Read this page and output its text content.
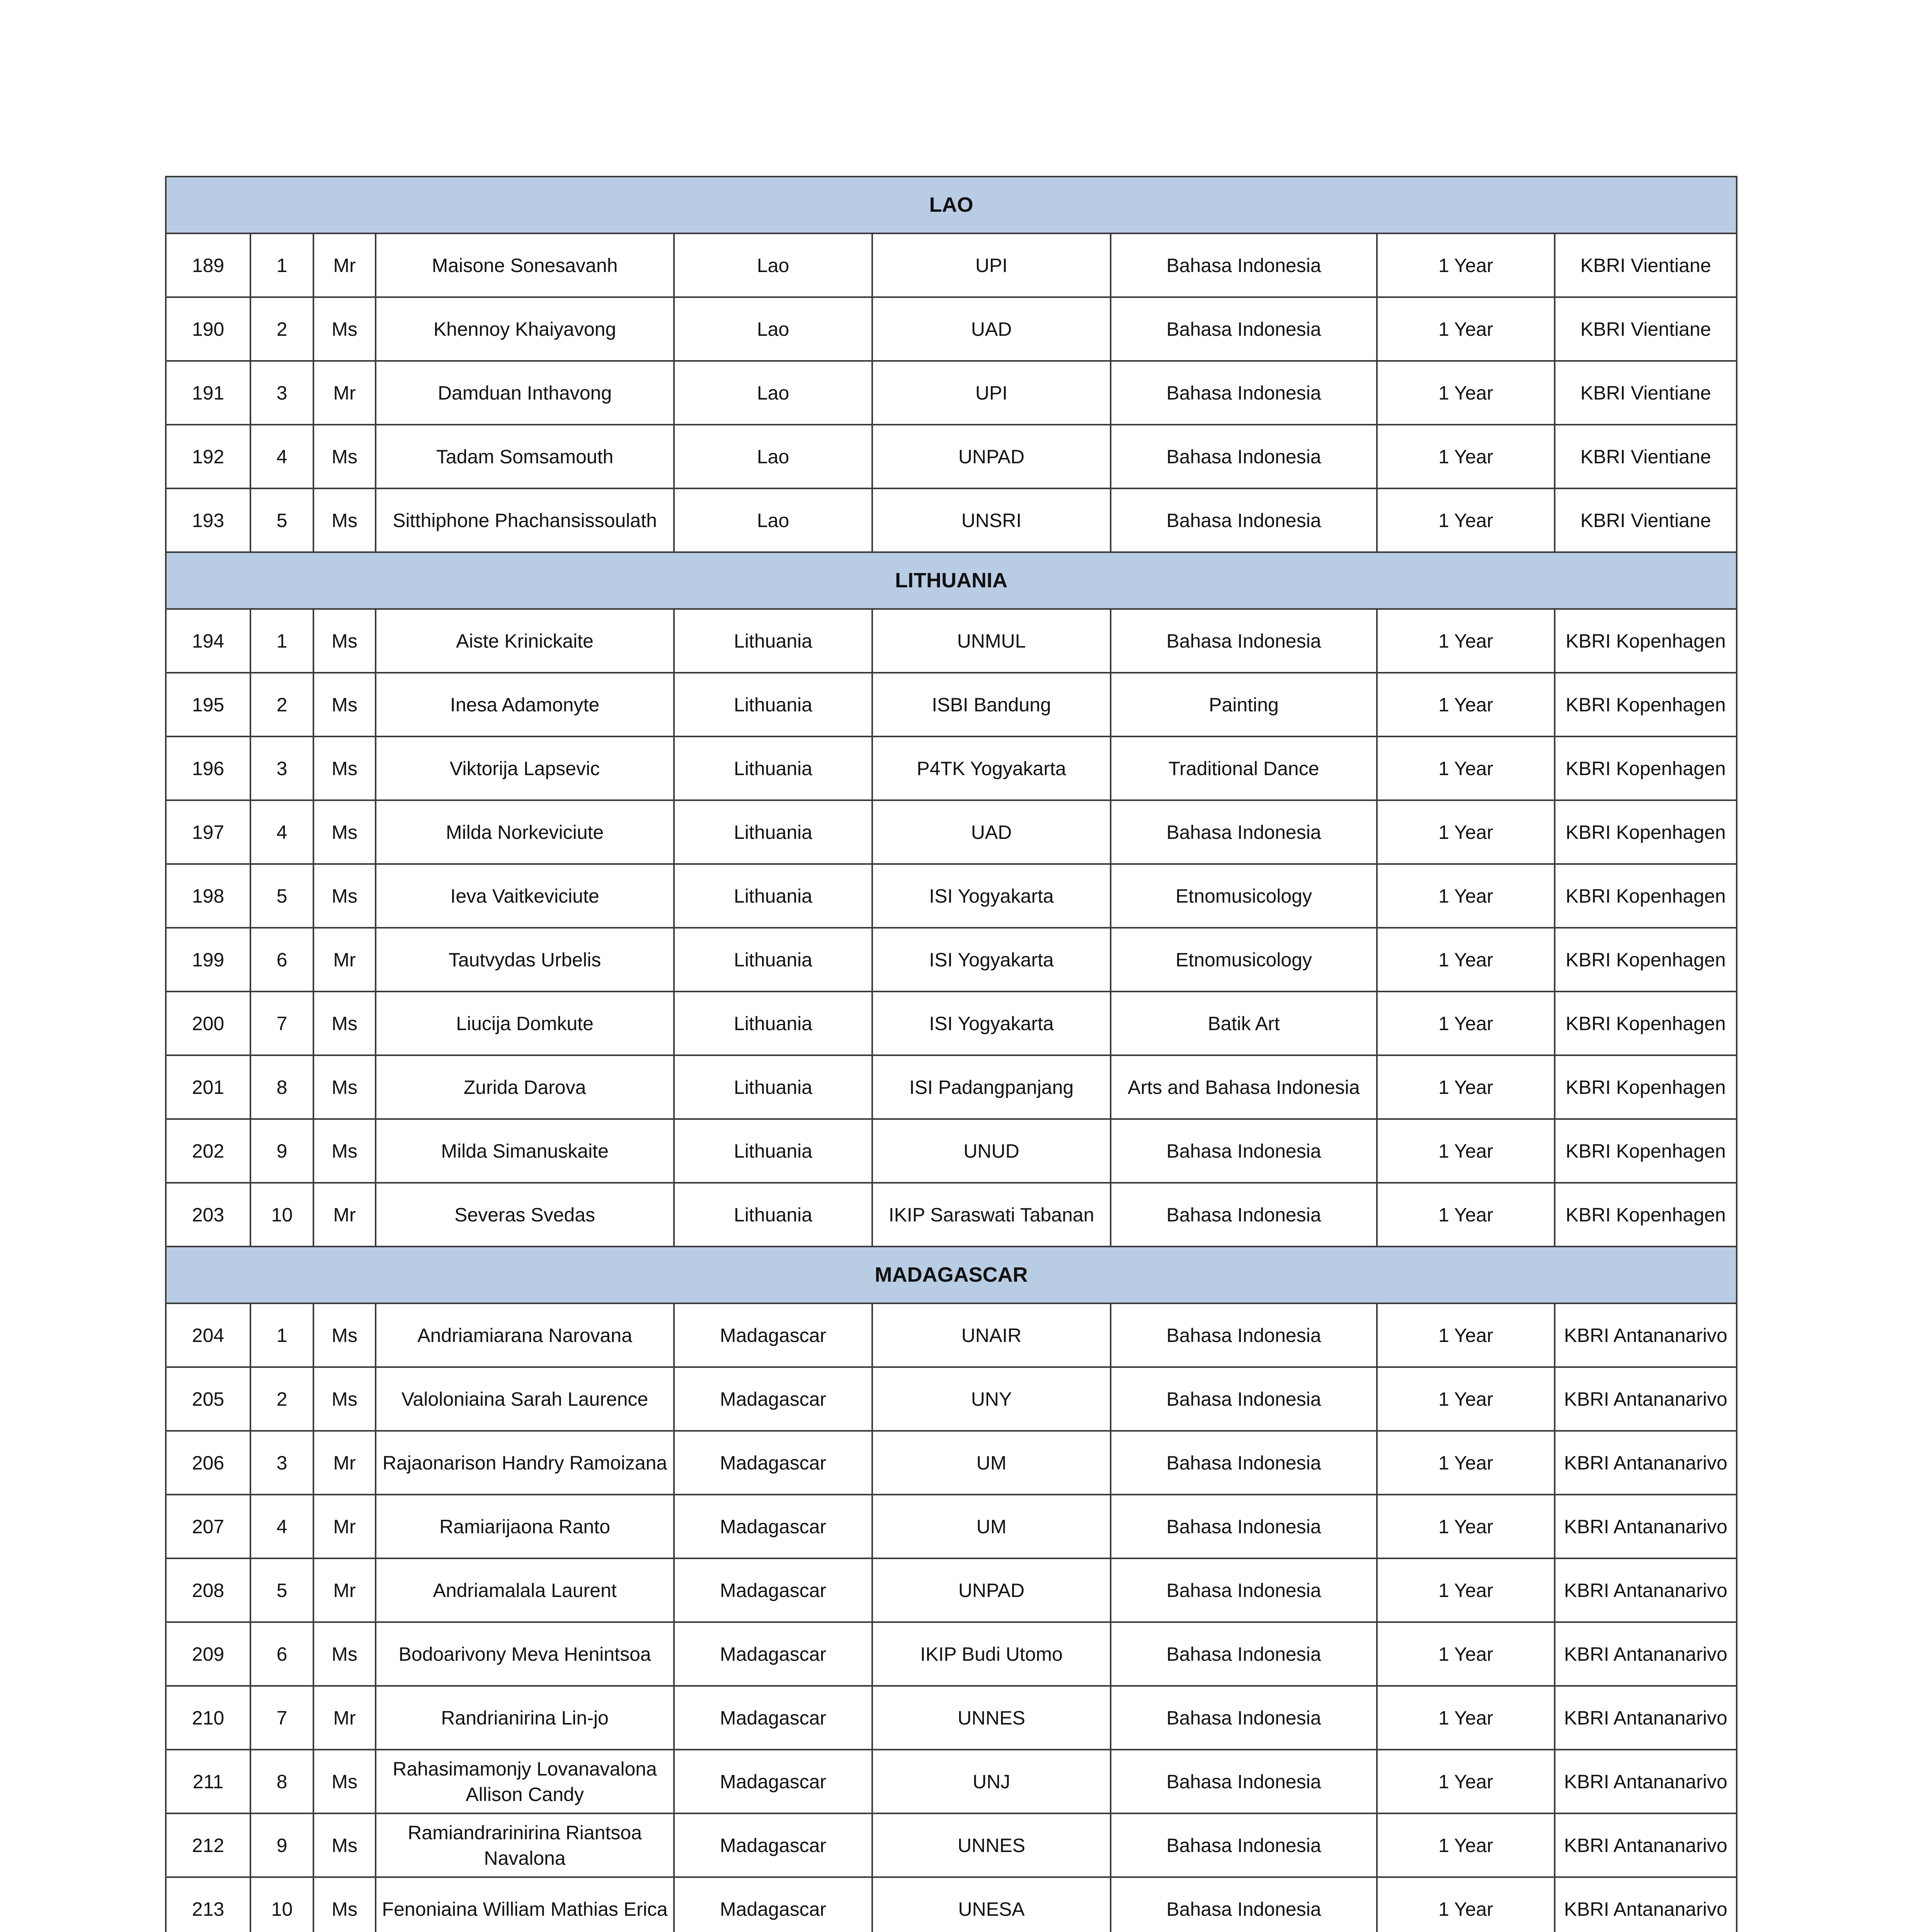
LAO								
189	1	Mr	Maisone Sonesavanh	Lao	UPI	Bahasa Indonesia	1 Year	KBRI Vientiane
190	2	Ms	Khennoy Khaiyavong	Lao	UAD	Bahasa Indonesia	1 Year	KBRI Vientiane
191	3	Mr	Damduan Inthavong	Lao	UPI	Bahasa Indonesia	1 Year	KBRI Vientiane
192	4	Ms	Tadam Somsamouth	Lao	UNPAD	Bahasa Indonesia	1 Year	KBRI Vientiane
193	5	Ms	Sitthiphone Phachansissoulath	Lao	UNSRI	Bahasa Indonesia	1 Year	KBRI Vientiane
LITHUANIA								
194	1	Ms	Aiste Krinickaite	Lithuania	UNMUL	Bahasa Indonesia	1 Year	KBRI Kopenhagen
195	2	Ms	Inesa Adamonyte	Lithuania	ISBI Bandung	Painting	1 Year	KBRI Kopenhagen
196	3	Ms	Viktorija Lapsevic	Lithuania	P4TK Yogyakarta	Traditional Dance	1 Year	KBRI Kopenhagen
197	4	Ms	Milda Norkeviciute	Lithuania	UAD	Bahasa Indonesia	1 Year	KBRI Kopenhagen
198	5	Ms	Ieva Vaitkeviciute	Lithuania	ISI Yogyakarta	Etnomusicology	1 Year	KBRI Kopenhagen
199	6	Mr	Tautvydas Urbelis	Lithuania	ISI Yogyakarta	Etnomusicology	1 Year	KBRI Kopenhagen
200	7	Ms	Liucija Domkute	Lithuania	ISI Yogyakarta	Batik Art	1 Year	KBRI Kopenhagen
201	8	Ms	Zurida Darova	Lithuania	ISI Padangpanjang	Arts and Bahasa Indonesia	1 Year	KBRI Kopenhagen
202	9	Ms	Milda Simanuskaite	Lithuania	UNUD	Bahasa Indonesia	1 Year	KBRI Kopenhagen
203	10	Mr	Severas Svedas	Lithuania	IKIP Saraswati Tabanan	Bahasa Indonesia	1 Year	KBRI Kopenhagen
MADAGASCAR								
204	1	Ms	Andriamiarana Narovana	Madagascar	UNAIR	Bahasa Indonesia	1 Year	KBRI Antananarivo
205	2	Ms	Valoloniaina Sarah Laurence	Madagascar	UNY	Bahasa Indonesia	1 Year	KBRI Antananarivo
206	3	Mr	Rajaonarison Handry Ramoizana	Madagascar	UM	Bahasa Indonesia	1 Year	KBRI Antananarivo
207	4	Mr	Ramiarijaona Ranto	Madagascar	UM	Bahasa Indonesia	1 Year	KBRI Antananarivo
208	5	Mr	Andriamalala Laurent	Madagascar	UNPAD	Bahasa Indonesia	1 Year	KBRI Antananarivo
209	6	Ms	Bodoarivony Meva Henintsoa	Madagascar	IKIP Budi Utomo	Bahasa Indonesia	1 Year	KBRI Antananarivo
210	7	Mr	Randrianirina Lin-jo	Madagascar	UNNES	Bahasa Indonesia	1 Year	KBRI Antananarivo
211	8	Ms	Rahasimamonjy Lovanavalona Allison Candy	Madagascar	UNJ	Bahasa Indonesia	1 Year	KBRI Antananarivo
212	9	Ms	Ramiandrarinirina Riantsoa Navalona	Madagascar	UNNES	Bahasa Indonesia	1 Year	KBRI Antananarivo
213	10	Ms	Fenoniaina William Mathias Erica	Madagascar	UNESA	Bahasa Indonesia	1 Year	KBRI Antananarivo
